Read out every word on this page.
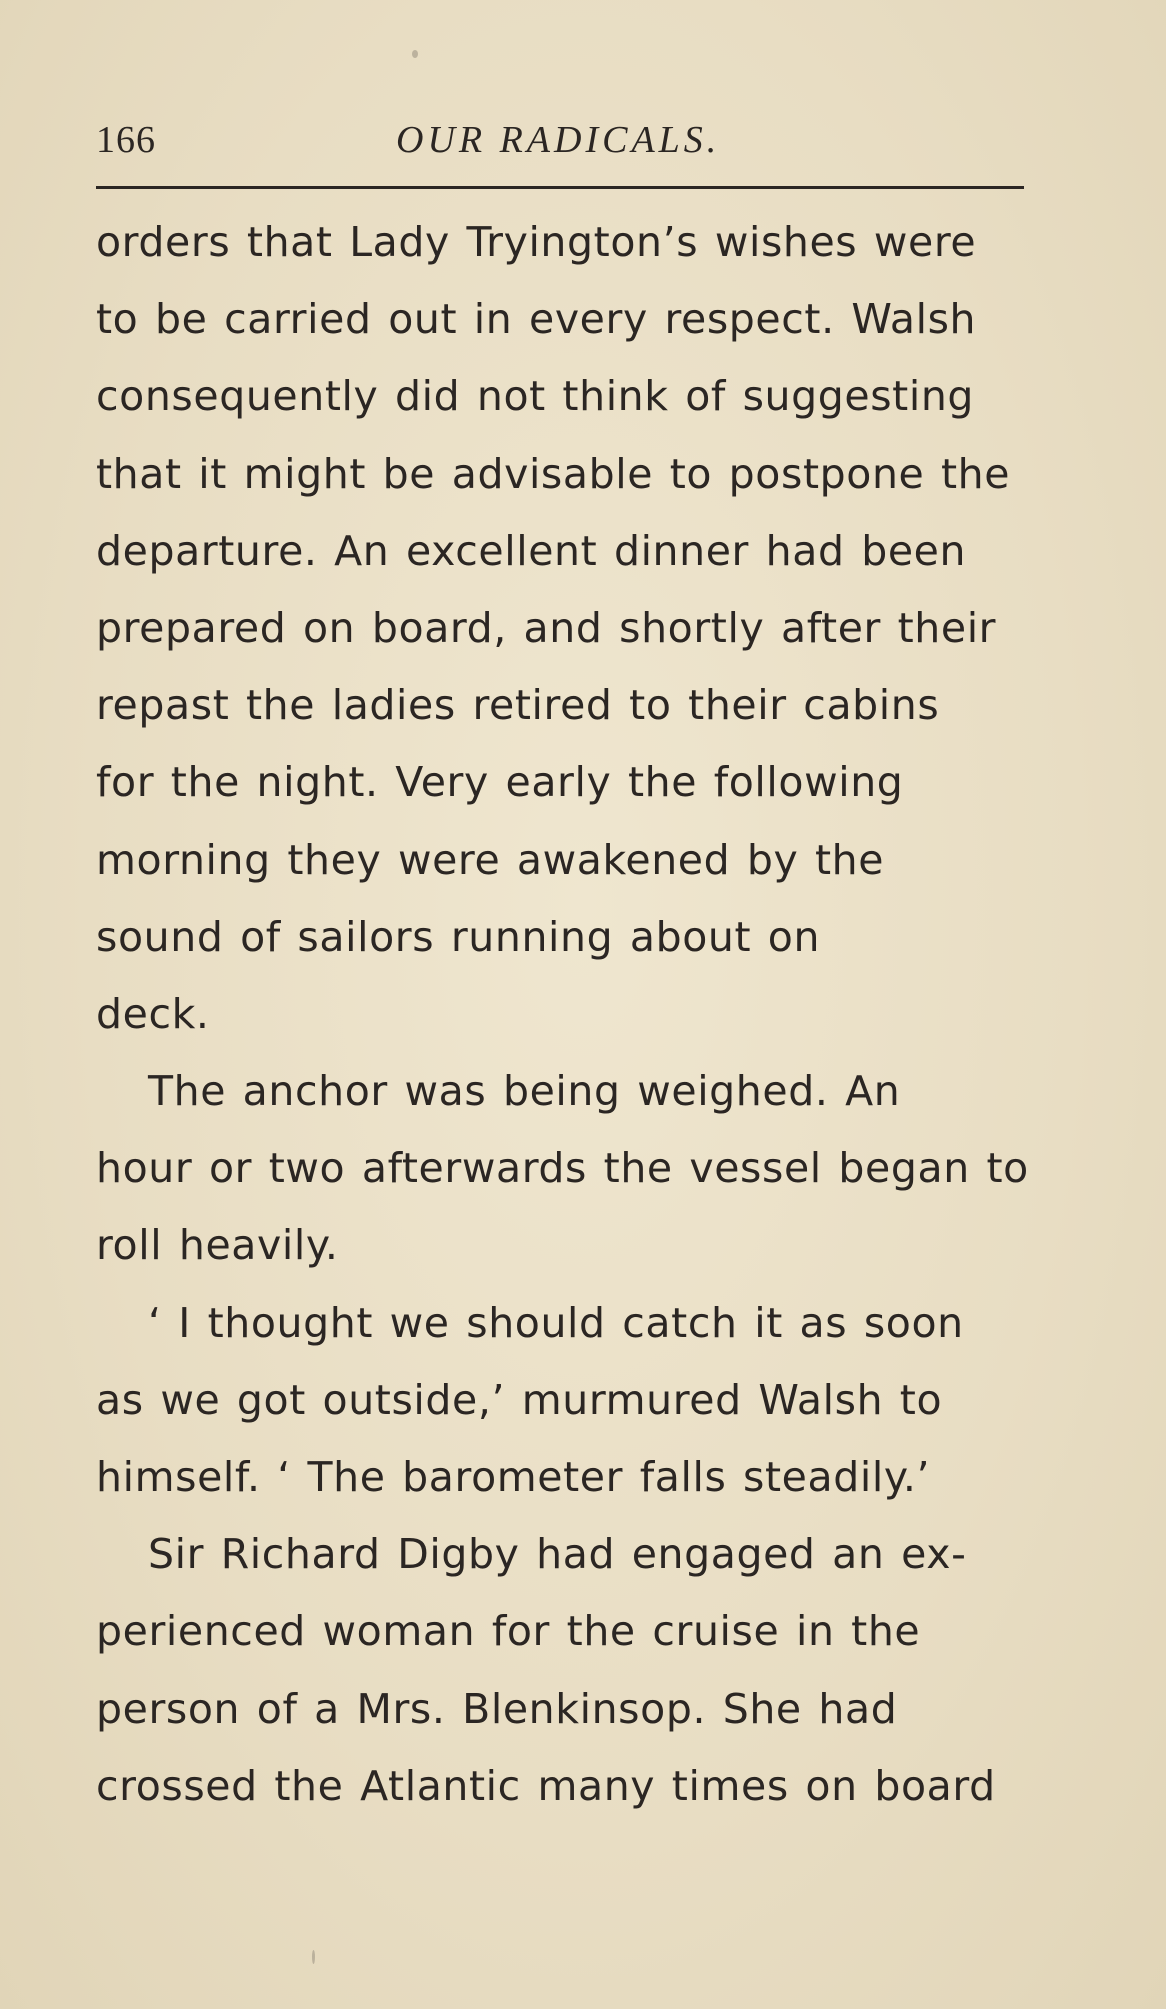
166	OUR RADICALS.
orders that Lady Tryington’s wishes were
to be carried out in every respect. Walsh
consequently did not think of suggesting
that it might be advisable to postpone the
departure. An excellent dinner had been
prepared on board, and shortly after their
repast the ladies retired to their cabins
for the night. Very early the following
morning they were awakened by the
sound of sailors running about on
deck.
The anchor was being weighed. An
hour or two afterwards the vessel began to
roll heavily.
‘ I thought we should catch it as soon
as we got outside,’ murmured Walsh to
himself. ‘ The barometer falls steadily.’
Sir Richard Digby had engaged an ex-
perienced woman for the cruise in the
person of a Mrs. Blenkinsop. She had
crossed the Atlantic many times on board
